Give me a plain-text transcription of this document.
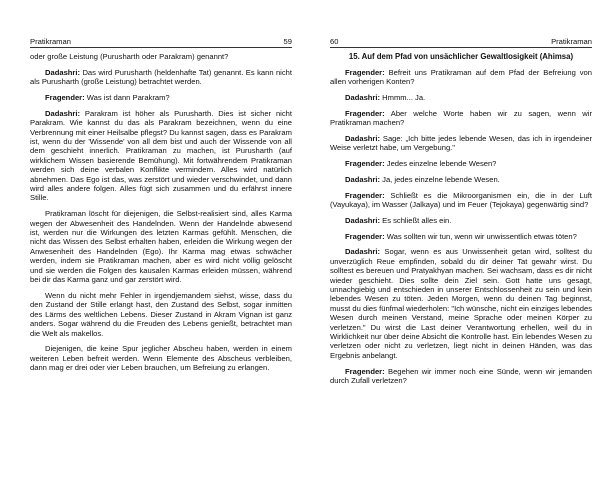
Pratikraman	59

oder große Leistung (Purusharth oder Parakram) genannt?

Dadashri: Das wird Purusharth (heldenhafte Tat) genannt. Es kann nicht als Purusharth (große Leistung) betrachtet werden.

Fragender: Was ist dann Parakram?

Dadashri: Parakram ist höher als Purusharth. Dies ist sicher nicht Parakram. Wie kannst du das als Parakram bezeichnen, wenn du eine Verbrennung mit einer Heilsalbe pflegst? Du kannst sagen, dass es Parakram ist, wenn du der 'Wissende' von all dem bist und auch der Wissende von all dem geschieht innerlich. Pratikraman zu machen, ist Purusharth (auf wirklichem Wissen basierende Bemühung). Mit fortwährendem Pratikraman werden sich deine verbalen Konflikte vermindern. Alles wird natürlich abnehmen. Das Ego ist das, was zerstört und wieder verschwindet, und dann wird alles andere folgen. Alles fügt sich zusammen und du erfährst innere Stille.

Pratikraman löscht für diejenigen, die Selbst-realisiert sind, alles Karma wegen der Abwesenheit des Handelnden. Wenn der Handelnde abwesend ist, werden nur die Wirkungen des letzten Karmas gefühlt. Menschen, die nicht das Wissen des Selbst erhalten haben, erleiden die Wirkung wegen der Anwesenheit des Handelnden (Ego). Ihr Karma mag etwas schwächer werden, indem sie Pratikraman machen, aber es wird nicht völlig gelöscht und sie werden die Folgen des kausalen Karmas erleiden müssen, während bei dir das Karma ganz und gar zerstört wird.

Wenn du nicht mehr Fehler in irgendjemandem siehst, wisse, dass du den Zustand der Stille erlangt hast, den Zustand des Selbst, sogar inmitten des Lärms des weltlichen Lebens. Dieser Zustand in Akram Vignan ist ganz anders. Sogar während du die Freuden des Lebens genießt, betrachtet man die Welt als makellos.

Diejenigen, die keine Spur jeglicher Abscheu haben, werden in einem weiteren Leben befreit werden. Wenn Elemente des Abscheus verbleiben, dann mag er drei oder vier Leben brauchen, um Befreiung zu erlangen.

60	Pratikraman
15. Auf dem Pfad von unsächlicher Gewaltlosigkeit (Ahimsa)

Fragender: Befreit uns Pratikraman auf dem Pfad der Befreiung von allen vorherigen Konten?

Dadashri: Hmmm... Ja.

Fragender: Aber welche Worte haben wir zu sagen, wenn wir Pratikraman machen?

Dadashri: Sage: „Ich bitte jedes lebende Wesen, das ich in irgendeiner Weise verletzt habe, um Vergebung."

Fragender: Jedes einzelne lebende Wesen?

Dadashri: Ja, jedes einzelne lebende Wesen.

Fragender: Schließt es die Mikroorganismen ein, die in der Luft (Vayukaya), im Wasser (Jalkaya) und im Feuer (Tejokaya) gegenwärtig sind?

Dadashri: Es schließt alles ein.

Fragender: Was sollten wir tun, wenn wir unwissentlich etwas töten?

Dadashri: Sogar, wenn es aus Unwissenheit getan wird, solltest du unverzüglich Reue empfinden, sobald du dir deiner Tat gewahr wirst. Du solltest es bereuen und Pratyakhyan machen. Sei wachsam, dass es dir nicht wieder geschieht. Dies sollte dein Ziel sein. Gott hatte uns gesagt, unnachgiebig und entschieden in unserer Entschlossenheit zu sein und kein lebendes Wesen zu töten. Jeden Morgen, wenn du deinen Tag beginnst, musst du dies fünfmal wiederholen: "Ich wünsche, nicht ein einziges lebendes Wesen durch meinen Verstand, meine Sprache oder meinen Körper zu verletzen." Du wirst die Last deiner Verantwortung erhellen, weil du in Wirklichkeit nur über deine Absicht die Kontrolle hast. Ein lebendes Wesen zu verletzen oder nicht zu verletzen, liegt nicht in deinen Händen, was das Ergebnis anbelangt.

Fragender: Begehen wir immer noch eine Sünde, wenn wir jemanden durch Zufall verletzen?
